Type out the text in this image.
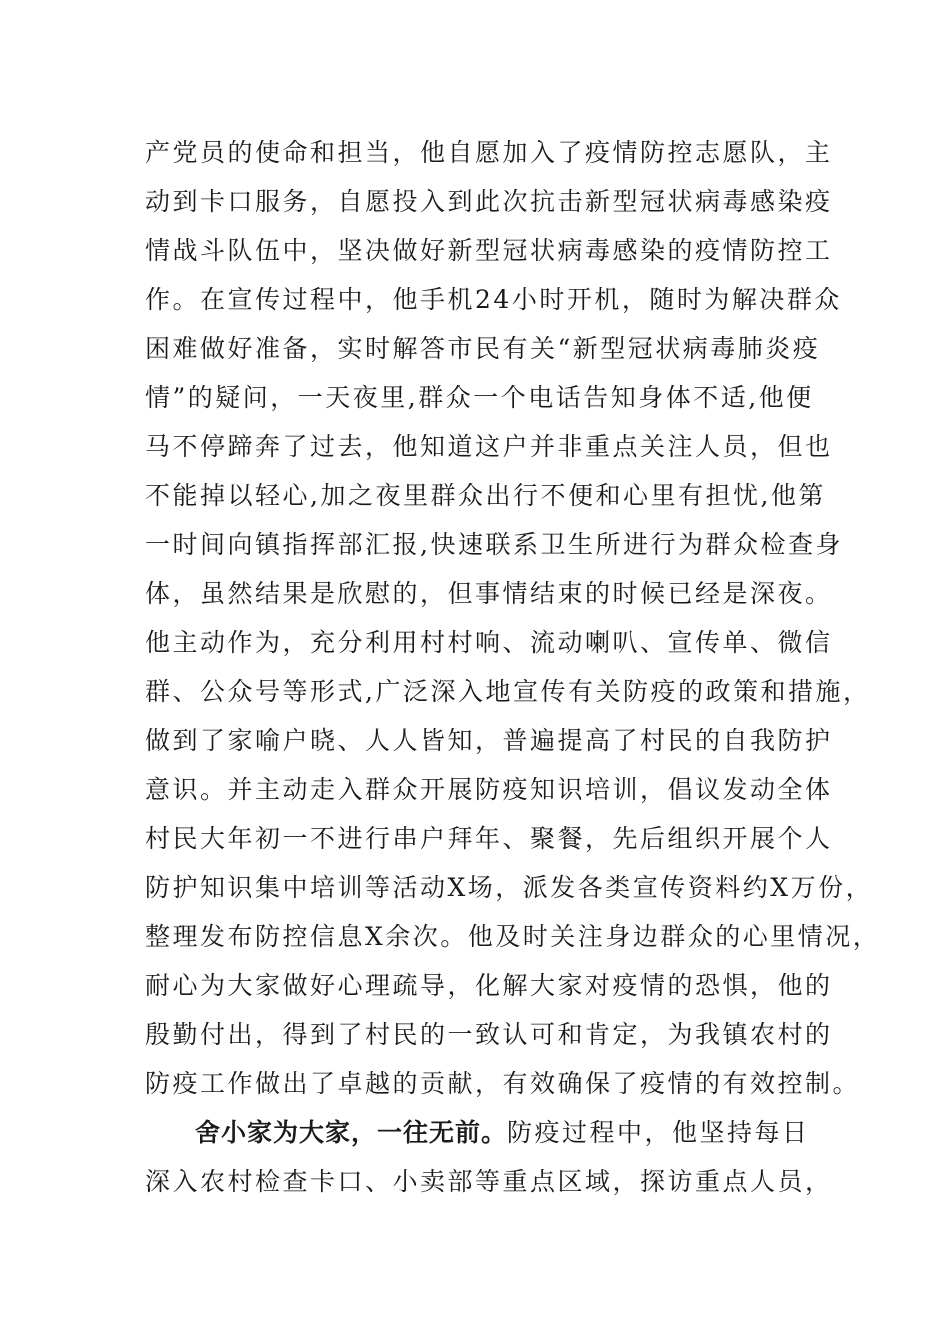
产党员的使命和担当，他自愿加入了疫情防控志愿队，主
动到卡口服务，自愿投入到此次抗击新型冠状病毒感染疫
情战斗队伍中，坚决做好新型冠状病毒感染的疫情防控工
作。在宣传过程中，他手机24小时开机，随时为解决群众
困难做好准备，实时解答市民有关“新型冠状病毒肺炎疫
情”的疑问，一天夜里,群众一个电话告知身体不适,他便
马不停蹄奔了过去，他知道这户并非重点关注人员，但也
不能掉以轻心,加之夜里群众出行不便和心里有担忧,他第
一时间向镇指挥部汇报,快速联系卫生所进行为群众检查身
体，虽然结果是欣慰的，但事情结束的时候已经是深夜。
他主动作为，充分利用村村响、流动喇叭、宣传单、微信
群、公众号等形式,广泛深入地宣传有关防疫的政策和措施，
做到了家喻户晓、人人皆知，普遍提高了村民的自我防护
意识。并主动走入群众开展防疫知识培训，倡议发动全体
村民大年初一不进行串户拜年、聚餐，先后组织开展个人
防护知识集中培训等活动X场，派发各类宣传资料约X万份，
整理发布防控信息X余次。他及时关注身边群众的心里情况，
耐心为大家做好心理疏导，化解大家对疫情的恐惧，他的
殷勤付出，得到了村民的一致认可和肯定，为我镇农村的
防疫工作做出了卓越的贡献，有效确保了疫情的有效控制。
舍小家为大家，一往无前。防疫过程中，他坚持每日
深入农村检查卡口、小卖部等重点区域，探访重点人员，
